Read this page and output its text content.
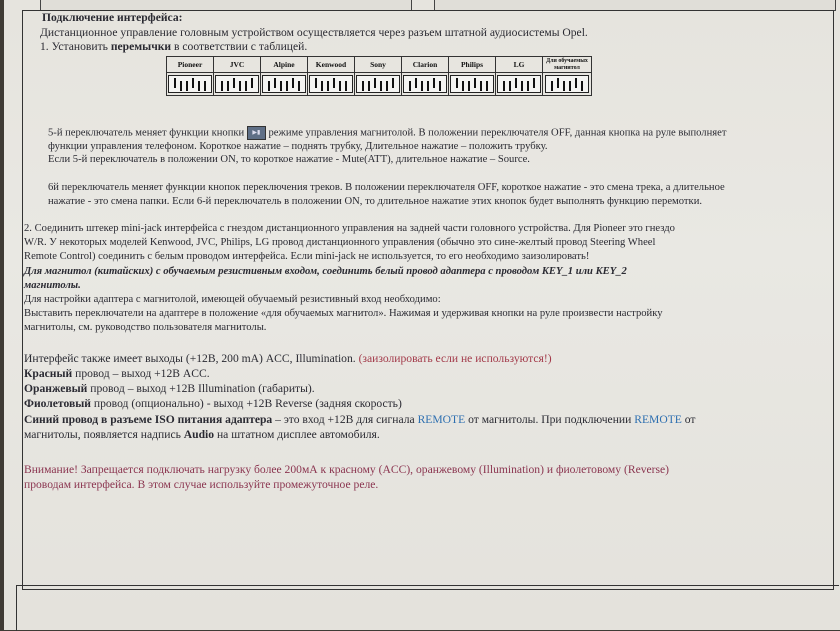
Подключение интерфейса:
Дистанционное управление головным устройством осуществляется через разъем штатной аудиосистемы Opel.
1. Установить перемычки в соответствии с таблицей.
Pioneer	JVC	Alpine	Kenwood	Sony	Clarion	Philips	LG	Для обучаемых магнитол

5-й переключатель меняет функции кнопки ▶▮ режиме управления магнитолой. В положении переключателя OFF, данная кнопка на руле выполняет
функции управления телефоном. Короткое нажатие – поднять трубку, Длительное нажатие – положить трубку.
Если 5-й переключатель в положении ON, то короткое нажатие - Mute(ATT), длительное нажатие – Source.
6й переключатель меняет функции кнопок переключения треков. В положении переключателя OFF, короткое нажатие - это смена трека, а длительное
нажатие - это смена папки. Если 6-й переключатель в положении ON, то длительное нажатие этих кнопок будет выполнять функцию перемотки.
2. Соединить штекер mini-jack интерфейса с гнездом дистанционного управления на задней части головного устройства. Для Pioneer это гнездо
W/R. У некоторых моделей Kenwood, JVC, Philips, LG провод дистанционного управления (обычно это сине-желтый провод Steering Wheel
Remote Control) соединить с белым проводом интерфейса. Если mini-jack не используется, то его необходимо заизолировать!
Для магнитол (китайских) с обучаемым резистивным входом, соединить белый провод адаптера с проводом KEY_1 или KEY_2
магнитолы.
Для настройки адаптера с магнитолой, имеющей обучаемый резистивный вход необходимо:
Выставить переключатели на адаптере в положение «для обучаемых магнитол». Нажимая и удерживая кнопки на руле произвести настройку
магнитолы, см. руководство пользователя магнитолы.
Интерфейс также имеет выходы (+12В, 200 mA) ACC, Illumination. (заизолировать если не используются!)
Красный провод – выход +12В ACC.
Оранжевый провод – выход +12В Illumination (габариты).
Фиолетовый провод (опционально) - выход +12В Reverse (задняя скорость)
Синий провод в разъеме ISO питания адаптера – это вход +12В для сигнала REMOTE от магнитолы. При подключении REMOTE от
магнитолы, появляется надпись Audio на штатном дисплее автомобиля.
Внимание! Запрещается подключать нагрузку более 200мА к красному (ACC), оранжевому (Illumination) и фиолетовому (Reverse)
проводам интерфейса. В этом случае используйте промежуточное реле.
